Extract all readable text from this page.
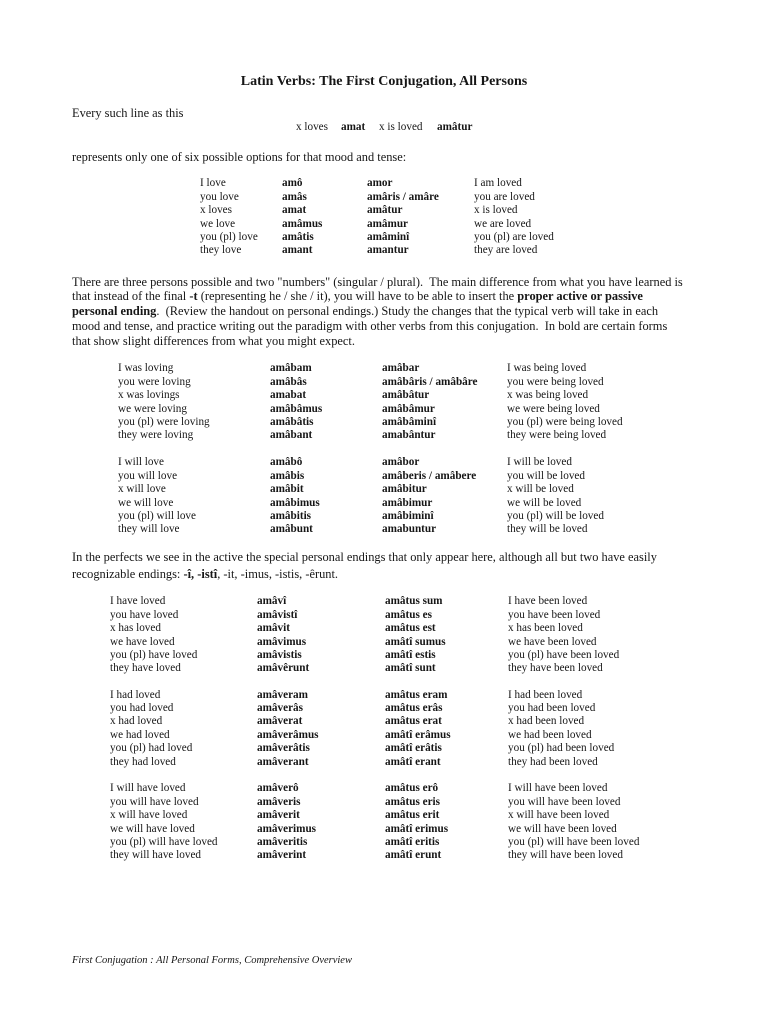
Latin Verbs: The First Conjugation, All Persons
Every such line as this
x loves amat x is loved amâtur
represents only one of six possible options for that mood and tense:
I love	amô	amor	I am loved
you love	amâs	amâris / amâre	you are loved
x loves	amat	amâtur	x is loved
we love	amâmus	amâmur	we are loved
you (pl) love amâtis	amâminî	you (pl) are loved
they love	amant	amantur	they are loved
There are three persons possible and two "numbers" (singular / plural).  The main difference from what you have learned is
that instead of the final -t (representing he / she / it), you will have to be able to insert the proper active or passive
personal ending.  (Review the handout on personal endings.) Study the changes that the typical verb will take in each
mood and tense, and practice writing out the paradigm with other verbs from this conjugation.  In bold are certain forms
that show slight differences from what you might expect.
I was loving	amâbam	amâbar	I was being loved
you were loving	amâbâs	amâbâris / amâbâre	you were being loved
x was lovings	amabat	amâbâtur	x was being loved
we were loving	amâbâmus	amâbâmur	we were being loved
you (pl) were loving	amâbâtis	amâbâminî	you (pl) were being loved
they were loving	amâbant	amabântur	they were being loved
I will love	amâbô	amâbor	I will be loved
you will love	amâbis	amâberis / amâbere	you will be loved
x will love	amâbit	amâbitur	x will be loved
we will love	amâbimus	amâbimur	we will be loved
you (pl) will love	amâbitis	amâbiminî	you (pl) will be loved
they will love	amâbunt	amabuntur	they will be loved
In the perfects we see in the active the special personal endings that only appear here, although all but two have easily
recognizable endings: -î, -istî, -it, -imus, -istis, -êrunt.
I have loved	amâvî	amâtus sum	I have been loved
you have loved	amâvistî	amâtus es	you have been loved
x has loved	amâvit	amâtus est	x has been loved
we have loved	amâvimus	amâtî sumus	we have been loved
you (pl) have loved	amâvistis	amâtî estis	you (pl) have been loved
they have loved	amâvêrunt	amâtî sunt	they have been loved
I had loved	amâveram	amâtus eram	I had been loved
you had loved	amâverâs	amâtus erâs	you had been loved
x had loved	amâverat	amâtus erat	x had been loved
we had loved	amâverâmus	amâtî erâmus	we had been loved
you (pl) had loved	amâverâtis	amâtî erâtis	you (pl) had been loved
they had loved	amâverant	amâtî erant	they had been loved
I will have loved	amâverô	amâtus erô	I will have been loved
you will have loved	amâveris	amâtus eris	you will have been loved
x will have loved	amâverit	amâtus erit	x will have been loved
we will have loved	amâverimus	amâtî erimus	we will have been loved
you (pl) will have loved	amâveritis	amâtî eritis	you (pl) will have been loved
they will have loved	amâverint	amâtî erunt	they will have been loved
First Conjugation : All Personal Forms, Comprehensive Overview
